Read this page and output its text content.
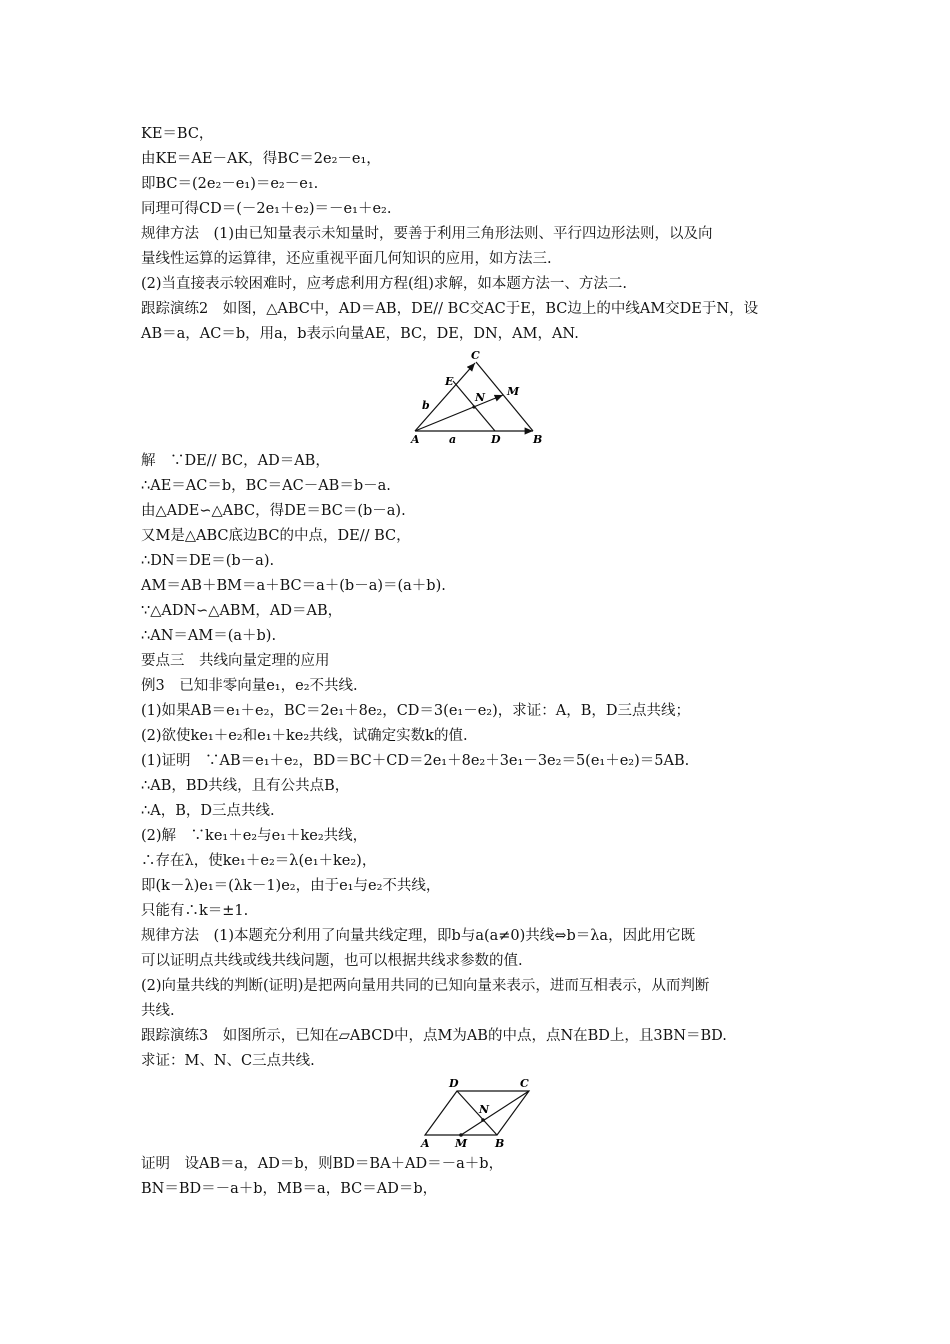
KE＝BC，
由KE＝AE－AK，得BC＝2e₂－e₁，
即BC＝(2e₂－e₁)＝e₂－e₁.
同理可得CD＝(－2e₁＋e₂)＝－e₁＋e₂.
规律方法　(1)由已知量表示未知量时，要善于利用三角形法则、平行四边形法则，以及向
量线性运算的运算律，还应重视平面几何知识的应用，如方法三.
(2)当直接表示较困难时，应考虑利用方程(组)求解，如本题方法一、方法二.
跟踪演练2　如图，△ABC中，AD＝AB，DE// BC交AC于E，BC边上的中线AM交DE于N，设
AB＝a，AC＝b，用a，b表示向量AE，BC，DE，DN，AM，AN.
C
E
M
N
b
A	a	D	B
解　∵DE// BC，AD＝AB，
∴AE＝AC＝b，BC＝AC－AB＝b－a.
由△ADE∽△ABC，得DE＝BC＝(b－a).
又M是△ABC底边BC的中点，DE// BC，
∴DN＝DE＝(b－a).
AM＝AB＋BM＝a＋BC＝a＋(b－a)＝(a＋b).
∵△ADN∽△ABM，AD＝AB，
∴AN＝AM＝(a＋b).
要点三　共线向量定理的应用
例3　已知非零向量e₁，e₂不共线.
(1)如果AB＝e₁＋e₂，BC＝2e₁＋8e₂，CD＝3(e₁－e₂)，求证：A，B，D三点共线；
(2)欲使ke₁＋e₂和e₁＋ke₂共线，试确定实数k的值.
(1)证明　∵AB＝e₁＋e₂，BD＝BC＋CD＝2e₁＋8e₂＋3e₁－3e₂＝5(e₁＋e₂)＝5AB.
∴AB，BD共线，且有公共点B，
∴A，B，D三点共线.
(2)解　∵ke₁＋e₂与e₁＋ke₂共线，
∴存在λ，使ke₁＋e₂＝λ(e₁＋ke₂)，
即(k－λ)e₁＝(λk－1)e₂，由于e₁与e₂不共线，
只能有∴k＝±1.
规律方法　(1)本题充分利用了向量共线定理，即b与a(a≠0)共线⇔b＝λa，因此用它既
可以证明点共线或线共线问题，也可以根据共线求参数的值.
(2)向量共线的判断(证明)是把两向量用共同的已知向量来表示，进而互相表示，从而判断
共线.
跟踪演练3　如图所示，已知在▱ABCD中，点M为AB的中点，点N在BD上，且3BN＝BD.
求证：M、N、C三点共线.
D	C
N
A M	B
证明　设AB＝a，AD＝b，则BD＝BA＋AD＝－a＋b，
BN＝BD＝－a＋b，MB＝a，BC＝AD＝b，
